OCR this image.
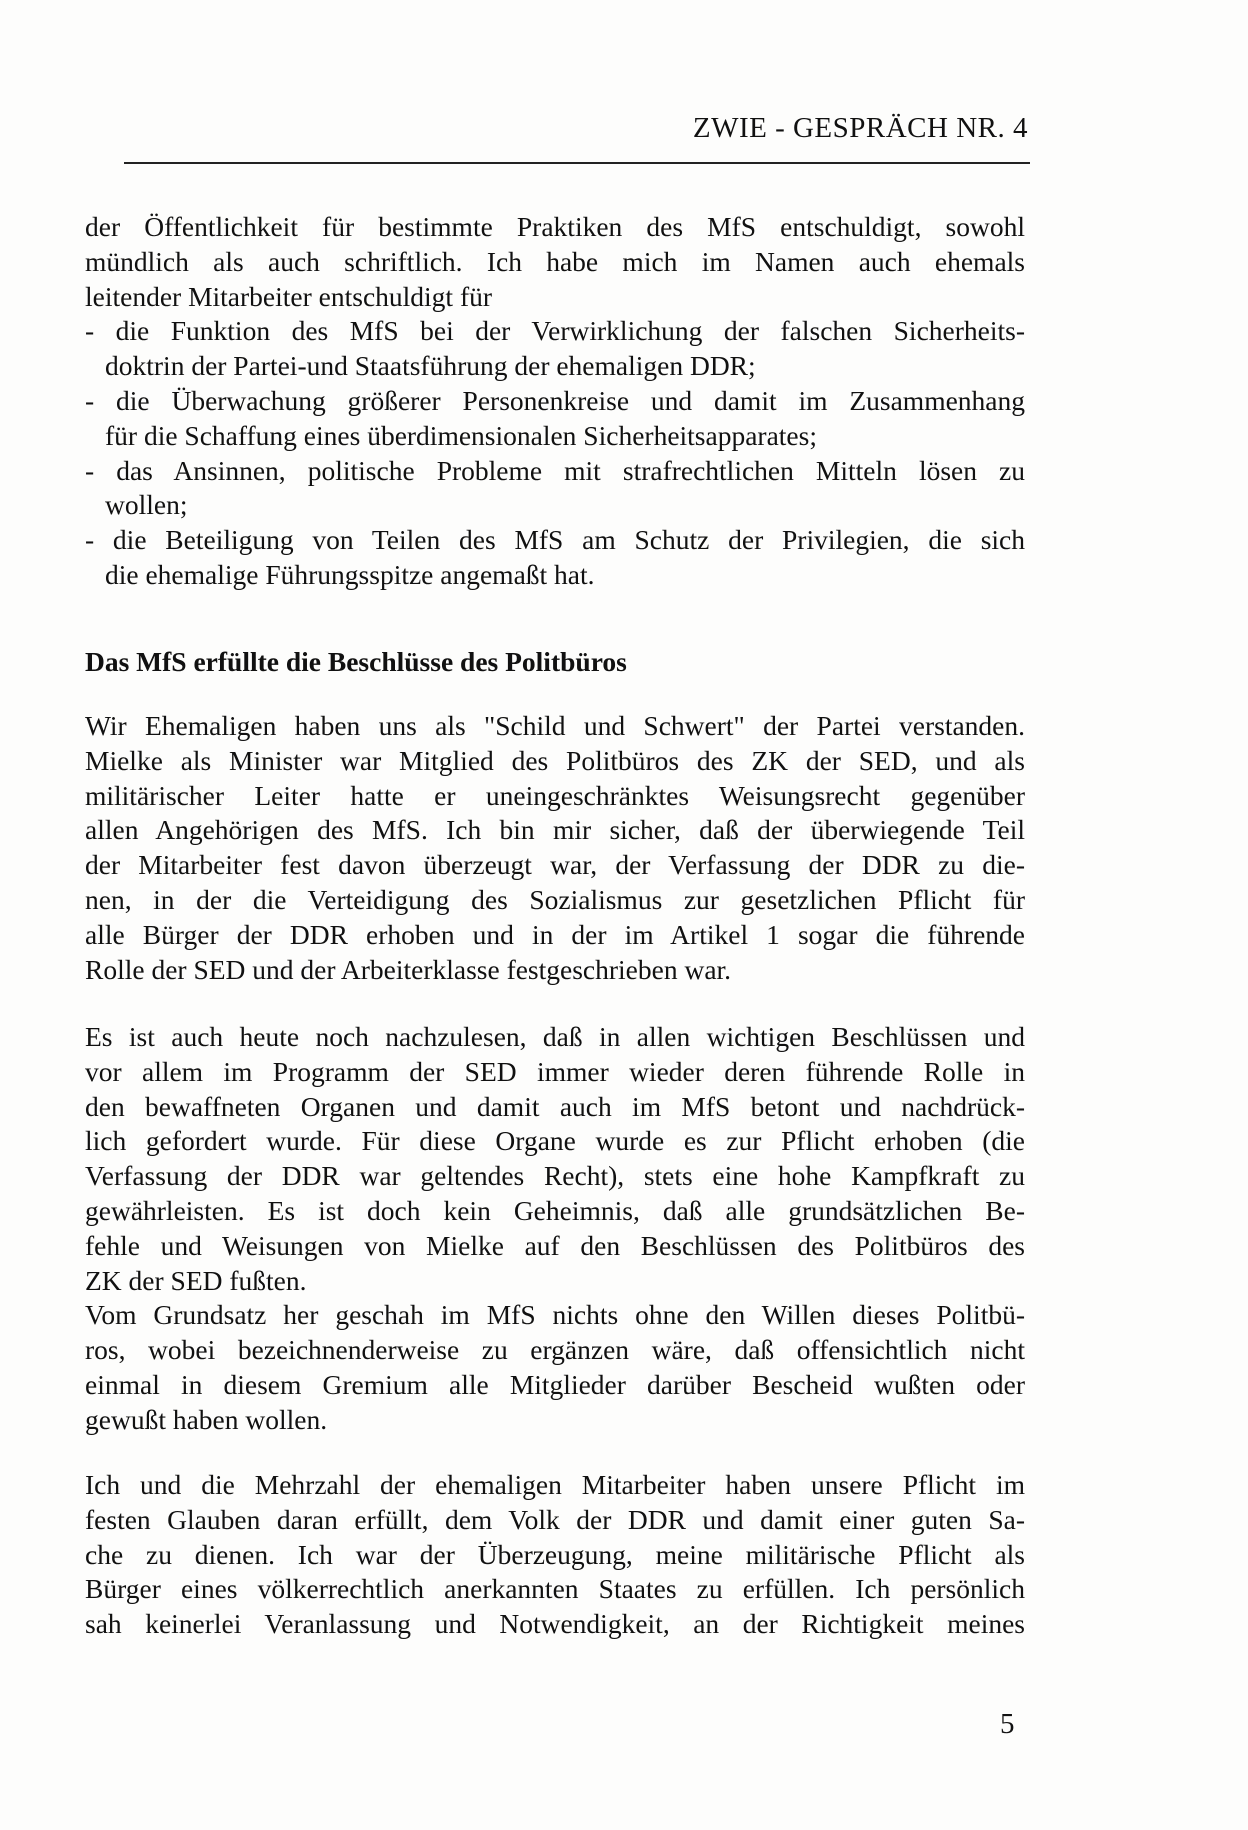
ZWIE - GESPRÄCH NR. 4
der Öffentlichkeit für bestimmte Praktiken des MfS entschuldigt, sowohl
mündlich als auch schriftlich. Ich habe mich im Namen auch ehemals
leitender Mitarbeiter entschuldigt für
- die Funktion des MfS bei der Verwirklichung der falschen Sicherheits-
doktrin der Partei-und Staatsführung der ehemaligen DDR;
- die Überwachung größerer Personenkreise und damit im Zusammenhang
für die Schaffung eines überdimensionalen Sicherheitsapparates;
- das Ansinnen, politische Probleme mit strafrechtlichen Mitteln lösen zu
wollen;
- die Beteiligung von Teilen des MfS am Schutz der Privilegien, die sich
die ehemalige Führungsspitze angemaßt hat.
Das MfS erfüllte die Beschlüsse des Politbüros
Wir Ehemaligen haben uns als "Schild und Schwert" der Partei verstanden.
Mielke als Minister war Mitglied des Politbüros des ZK der SED, und als
militärischer Leiter hatte er uneingeschränktes Weisungsrecht gegenüber
allen Angehörigen des MfS. Ich bin mir sicher, daß der überwiegende Teil
der Mitarbeiter fest davon überzeugt war, der Verfassung der DDR zu die-
nen, in der die Verteidigung des Sozialismus zur gesetzlichen Pflicht für
alle Bürger der DDR erhoben und in der im Artikel 1 sogar die führende
Rolle der SED und der Arbeiterklasse festgeschrieben war.
Es ist auch heute noch nachzulesen, daß in allen wichtigen Beschlüssen und
vor allem im Programm der SED immer wieder deren führende Rolle in
den bewaffneten Organen und damit auch im MfS betont und nachdrück-
lich gefordert wurde. Für diese Organe wurde es zur Pflicht erhoben (die
Verfassung der DDR war geltendes Recht), stets eine hohe Kampfkraft zu
gewährleisten. Es ist doch kein Geheimnis, daß alle grundsätzlichen Be-
fehle und Weisungen von Mielke auf den Beschlüssen des Politbüros des
ZK der SED fußten.
Vom Grundsatz her geschah im MfS nichts ohne den Willen dieses Politbü-
ros, wobei bezeichnenderweise zu ergänzen wäre, daß offensichtlich nicht
einmal in diesem Gremium alle Mitglieder darüber Bescheid wußten oder
gewußt haben wollen.
Ich und die Mehrzahl der ehemaligen Mitarbeiter haben unsere Pflicht im
festen Glauben daran erfüllt, dem Volk der DDR und damit einer guten Sa-
che zu dienen. Ich war der Überzeugung, meine militärische Pflicht als
Bürger eines völkerrechtlich anerkannten Staates zu erfüllen. Ich persönlich
sah keinerlei Veranlassung und Notwendigkeit, an der Richtigkeit meines
5
